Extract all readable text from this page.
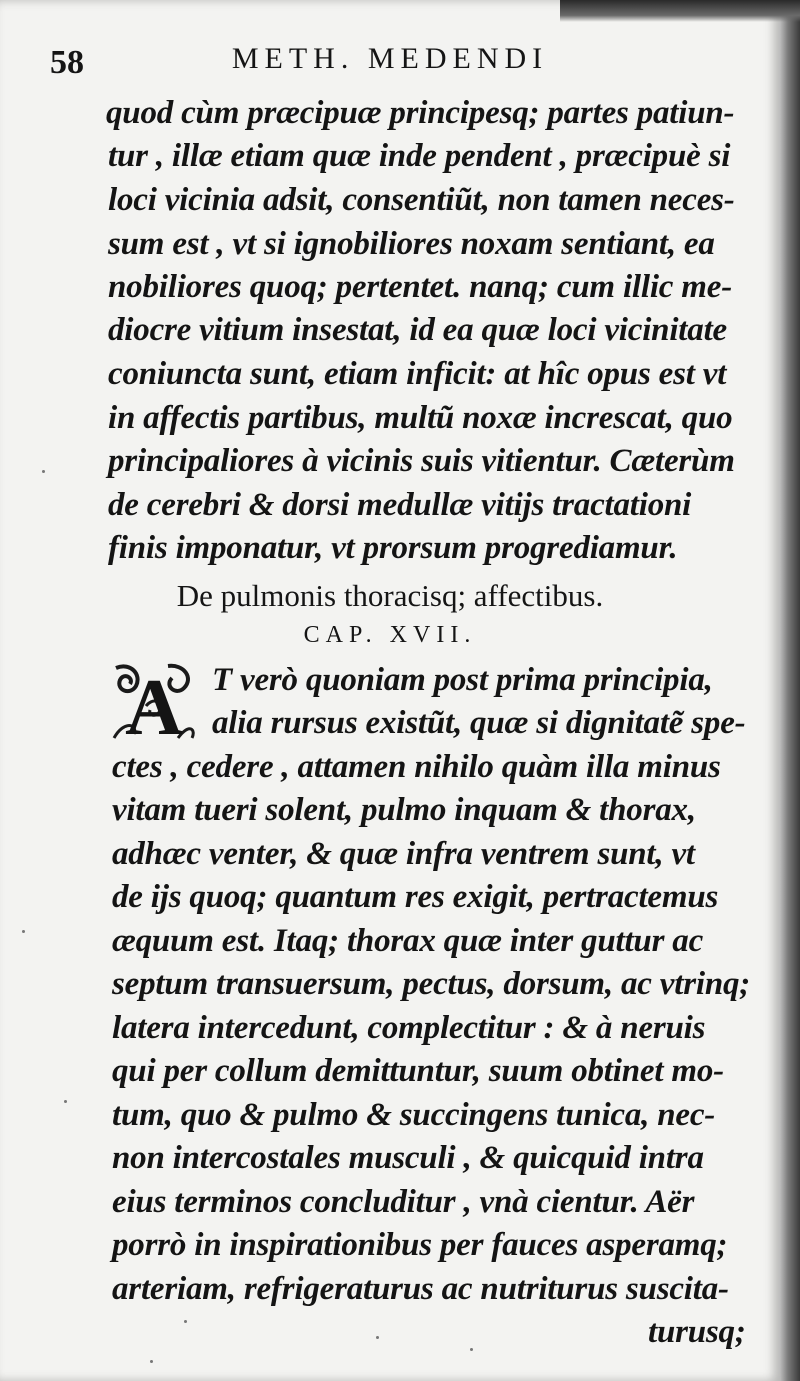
58	METH. MEDENDI
quod cùm præcipuæ principesq; partes patiun-
tur , illæ etiam quæ inde pendent , præcipuè si
loci vicinia adsit, consentiũt, non tamen neces-
sum est , vt si ignobiliores noxam sentiant, ea
nobiliores quoq; pertentet. nanq; cum illic me-
diocre vitium insestat, id ea quæ loci vicinitate
coniuncta sunt, etiam inficit: at hîc opus est vt
in affectis partibus, multũ noxæ increscat, quo
principaliores à vicinis suis vitientur. Cæterùm
de cerebri & dorsi medullæ vitijs tractationi
finis imponatur, vt prorsum progrediamur.
De pulmonis thoracisq; affectibus.
CAP. XVII.
A T verò quoniam post prima principia,
alia rursus existũt, quæ si dignitatẽ spe-
ctes , cedere , attamen nihilo quàm illa minus
vitam tueri solent, pulmo inquam & thorax,
adhæc venter, & quæ infra ventrem sunt, vt
de ijs quoq; quantum res exigit, pertractemus
æquum est. Itaq; thorax quæ inter guttur ac
septum transuersum, pectus, dorsum, ac vtrinq;
latera intercedunt, complectitur : & à neruis
qui per collum demittuntur, suum obtinet mo-
tum, quo & pulmo & succingens tunica, nec-
non intercostales musculi , & quicquid intra
eius terminos concluditur , vnà cientur. Aër
porrò in inspirationibus per fauces asperamq;
arteriam, refrigeraturus ac nutriturus suscita-
turusq;
